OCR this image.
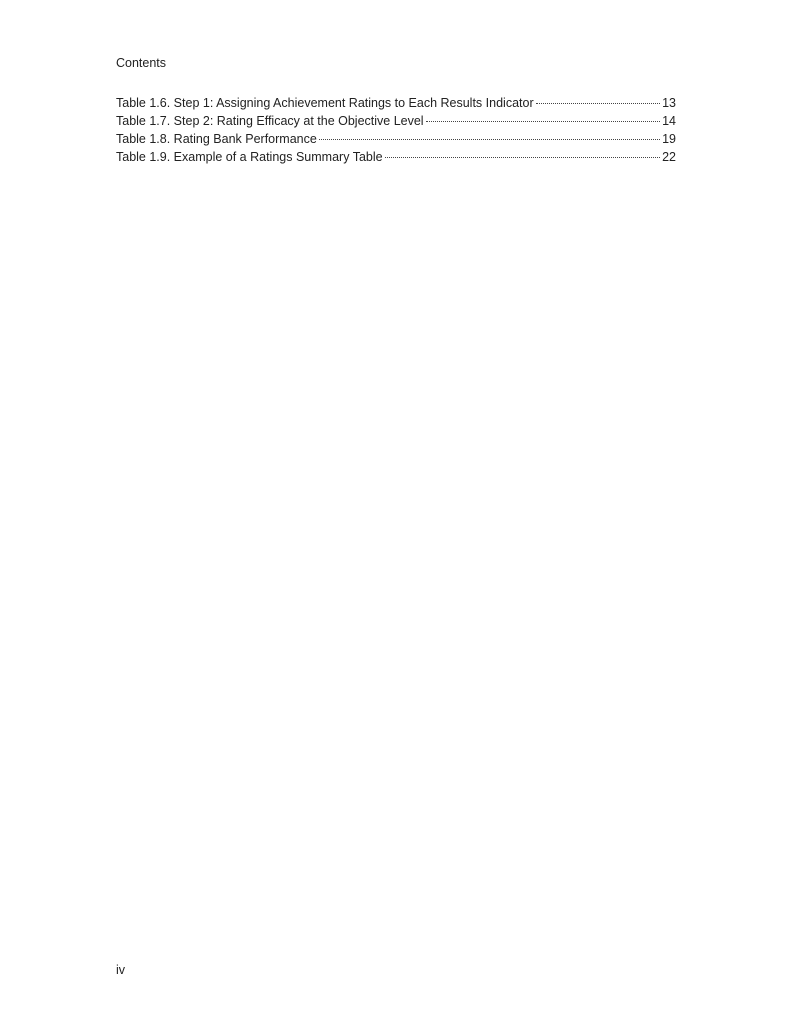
Contents
Table 1.6. Step 1: Assigning Achievement Ratings to Each Results Indicator	13
Table 1.7. Step 2: Rating Efficacy at the Objective Level	14
Table 1.8. Rating Bank Performance	19
Table 1.9. Example of a Ratings Summary Table	22
iv
